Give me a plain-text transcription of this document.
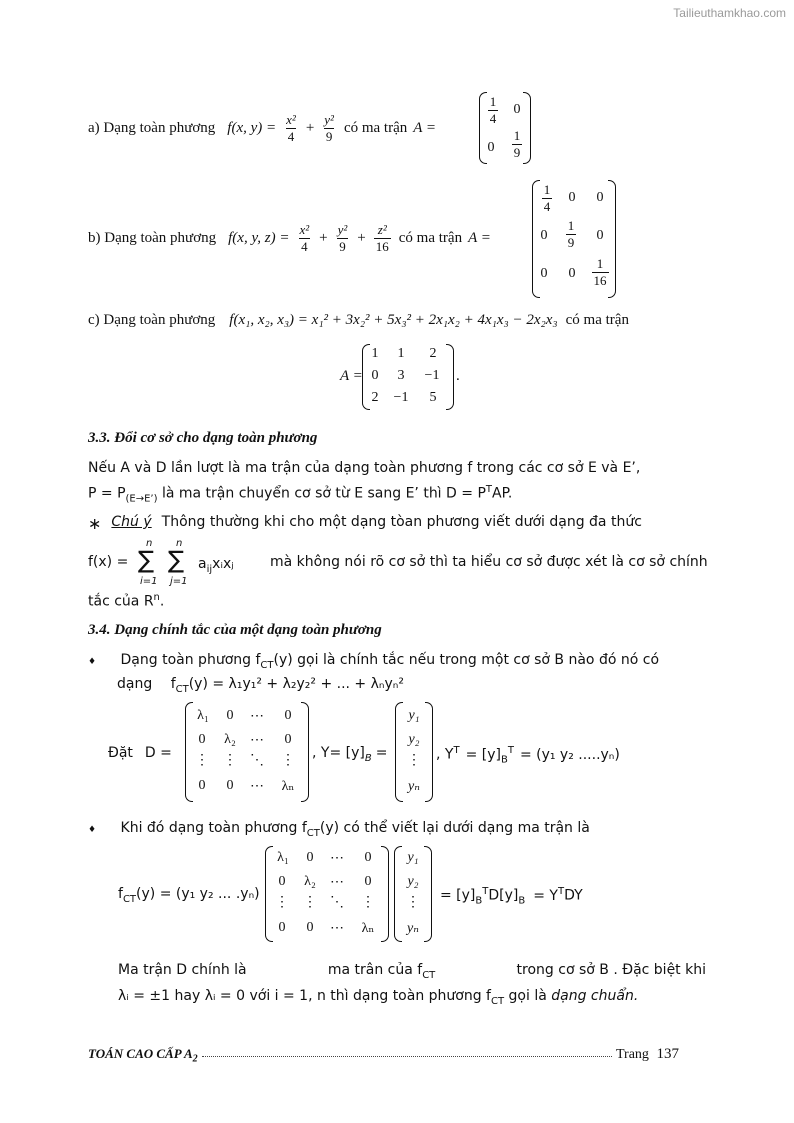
Tailieuthamkhao.com
a) Dạng toàn phương f(x, $y) = \frac{\text{x²}}{4} + \frac{\text{y²}}{9}$ có ma trận A =
$\frac{1}{4} 0$
$0 \frac{1}{9}$
b) Dạng toàn phương f(x, y, $z) = \frac{\text{x²}}{4} + \frac{\text{y²}}{9} + \frac{\text{z²}}{16}$ có ma trận A =
$\frac{1}{4} 0$ 0
$0 \frac{1}{9} 0$
0 $0 \frac{1}{16}$
c) Dạng toàn phương f(x₁, x₂, x₃) = x₁² + 3x₂² + 5x₃² + 2x₁x₂ + 4x₁x₃ − 2x₂x₃ có ma trận
A =
1 1	2
0 3	−1
2	−1	5
.
3.3. Đổi cơ sở cho dạng toàn phương
Nếu A và D lần lượt là ma trận của dạng toàn phương f trong các cơ sở E và E’,
$P = P_{(E\to E’)}$ là ma trận chuyển cơ sở từ E sang E’ thì $D = P^TAP$.
∗ Chú ý Thông thường khi cho một dạng tòan phương viết dưới dạng đa thức
f(x) =
n
∑
i=1
n
∑
j=1
$a_{ij}xᵢxⱼ$	mà không nói rõ cơ sở thì ta hiểu cơ sở được xét là cơ sở chính
tắc của $R^n$.
3.4. Dạng chính tắc của một dạng toàn phương
♦ Dạng toàn phương $f_{CT}(y)$ gọi là chính tắc nếu trong một cơ sở B nào đó nó có
dạng $f_{CT}(y) = \lambda_1y_1^2 + \lambda_2y_2^2$ + ... + λₙyₙ²
Đặt D =
λ₁ 0 ⋯ 0
0	λ₂	⋯ 0
⋮ ⋮ ⋱ ⋮
0 0 ⋯	λₙ
, $Y= [y]_B$ =
y₁
y₂
⋮
yₙ
, $Y^T = [y]_B^T = (y_1$ y₂ .....yₙ)
♦ Khi đó dạng toàn phương $f_{CT}(y)$ có thể viết lại dưới dạng ma trận là
$f_{CT}(y) = (y_1$ y₂ ... .yₙ)
λ₁ 0 ⋯ 0
0	λ₂	⋯ 0
⋮ ⋮ ⋱ ⋮
0 0 ⋯	λₙ
y₁
y₂
⋮
yₙ
= $[y]_B^TD[y]_B = Y^TDY$
Ma trận D chính là	ma trân của $f_{CT}$	trong cơ sở B . Đặc biệt khi
λᵢ = ±1 hay λᵢ = 0 với i = 1, n thì dạng toàn phương $f_{CT}$ gọi là dạng chuẩn.
TOÁN CAO CẤP $A_2$	Trang 137
